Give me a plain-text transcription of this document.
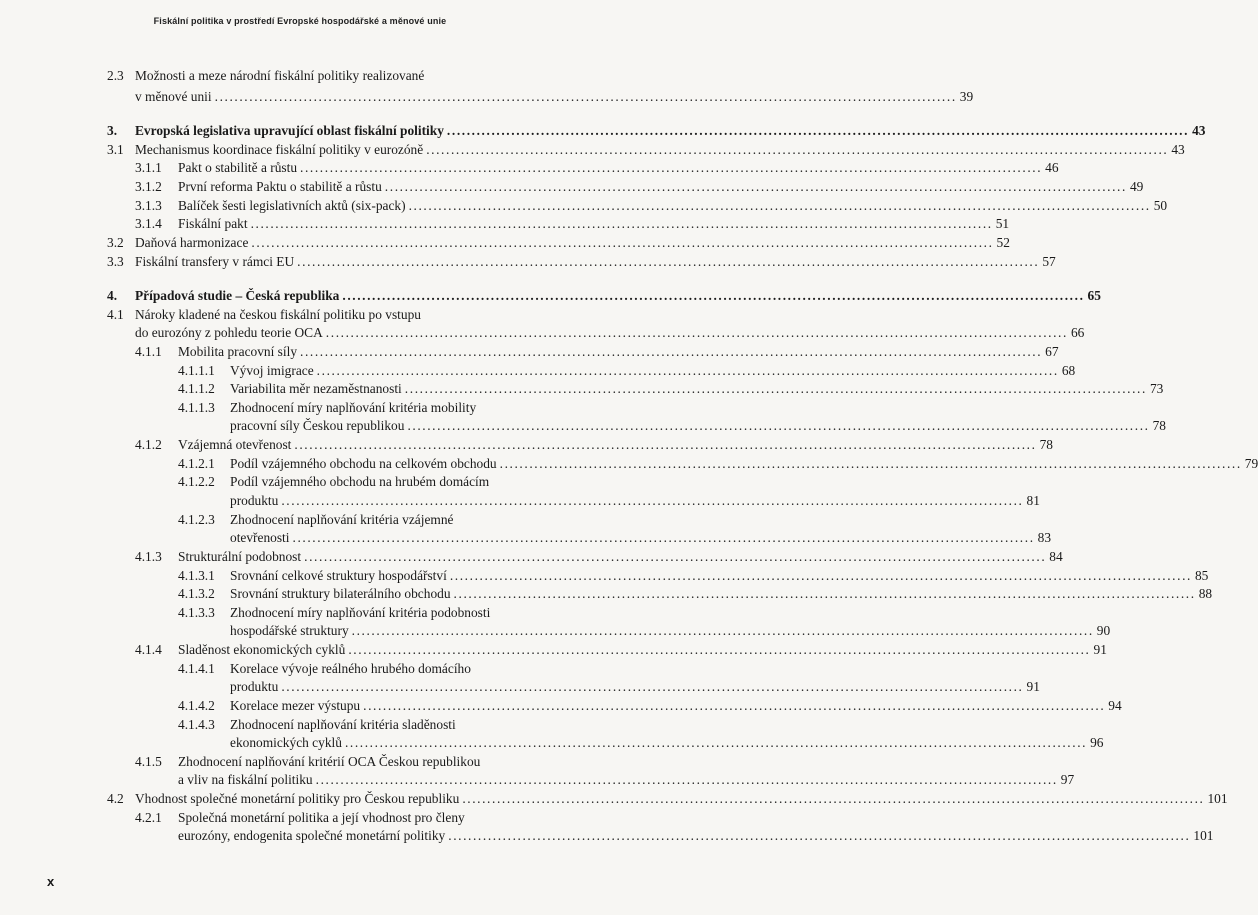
Fiskální politika v prostředí Evropské hospodářské a měnové unie
2.3 Možnosti a meze národní fiskální politiky realizované
v měnové unii ...................................................................................................................................................... 39
3. Evropská legislativa upravující oblast fiskální politiky ...................................................................................................................................................... 43
3.1 Mechanismus koordinace fiskální politiky v eurozóně ...................................................................................................................................................... 43
3.1.1 Pakt o stabilitě a růstu ...................................................................................................................................................... 46
3.1.2 První reforma Paktu o stabilitě a růstu ...................................................................................................................................................... 49
3.1.3 Balíček šesti legislativních aktů (six-pack) ...................................................................................................................................................... 50
3.1.4 Fiskální pakt ...................................................................................................................................................... 51
3.2 Daňová harmonizace ...................................................................................................................................................... 52
3.3 Fiskální transfery v rámci EU ...................................................................................................................................................... 57
4. Případová studie – Česká republika ...................................................................................................................................................... 65
4.1 Nároky kladené na českou fiskální politiku po vstupu
do eurozóny z pohledu teorie OCA ...................................................................................................................................................... 66
4.1.1 Mobilita pracovní síly ...................................................................................................................................................... 67
4.1.1.1 Vývoj imigrace ...................................................................................................................................................... 68
4.1.1.2 Variabilita měr nezaměstnanosti ...................................................................................................................................................... 73
4.1.1.3 Zhodnocení míry naplňování kritéria mobility
pracovní síly Českou republikou ...................................................................................................................................................... 78
4.1.2 Vzájemná otevřenost ...................................................................................................................................................... 78
4.1.2.1 Podíl vzájemného obchodu na celkovém obchodu ...................................................................................................................................................... 79
4.1.2.2 Podíl vzájemného obchodu na hrubém domácím
produktu ...................................................................................................................................................... 81
4.1.2.3 Zhodnocení naplňování kritéria vzájemné
otevřenosti ...................................................................................................................................................... 83
4.1.3 Strukturální podobnost ...................................................................................................................................................... 84
4.1.3.1 Srovnání celkové struktury hospodářství ...................................................................................................................................................... 85
4.1.3.2 Srovnání struktury bilaterálního obchodu ...................................................................................................................................................... 88
4.1.3.3 Zhodnocení míry naplňování kritéria podobnosti
hospodářské struktury ...................................................................................................................................................... 90
4.1.4 Sladěnost ekonomických cyklů ...................................................................................................................................................... 91
4.1.4.1 Korelace vývoje reálného hrubého domácího
produktu ...................................................................................................................................................... 91
4.1.4.2 Korelace mezer výstupu ...................................................................................................................................................... 94
4.1.4.3 Zhodnocení naplňování kritéria sladěnosti
ekonomických cyklů ...................................................................................................................................................... 96
4.1.5 Zhodnocení naplňování kritérií OCA Českou republikou
a vliv na fiskální politiku ...................................................................................................................................................... 97
4.2 Vhodnost společné monetární politiky pro Českou republiku ...................................................................................................................................................... 101
4.2.1 Společná monetární politika a její vhodnost pro členy
eurozóny, endogenita společné monetární politiky ...................................................................................................................................................... 101
x
